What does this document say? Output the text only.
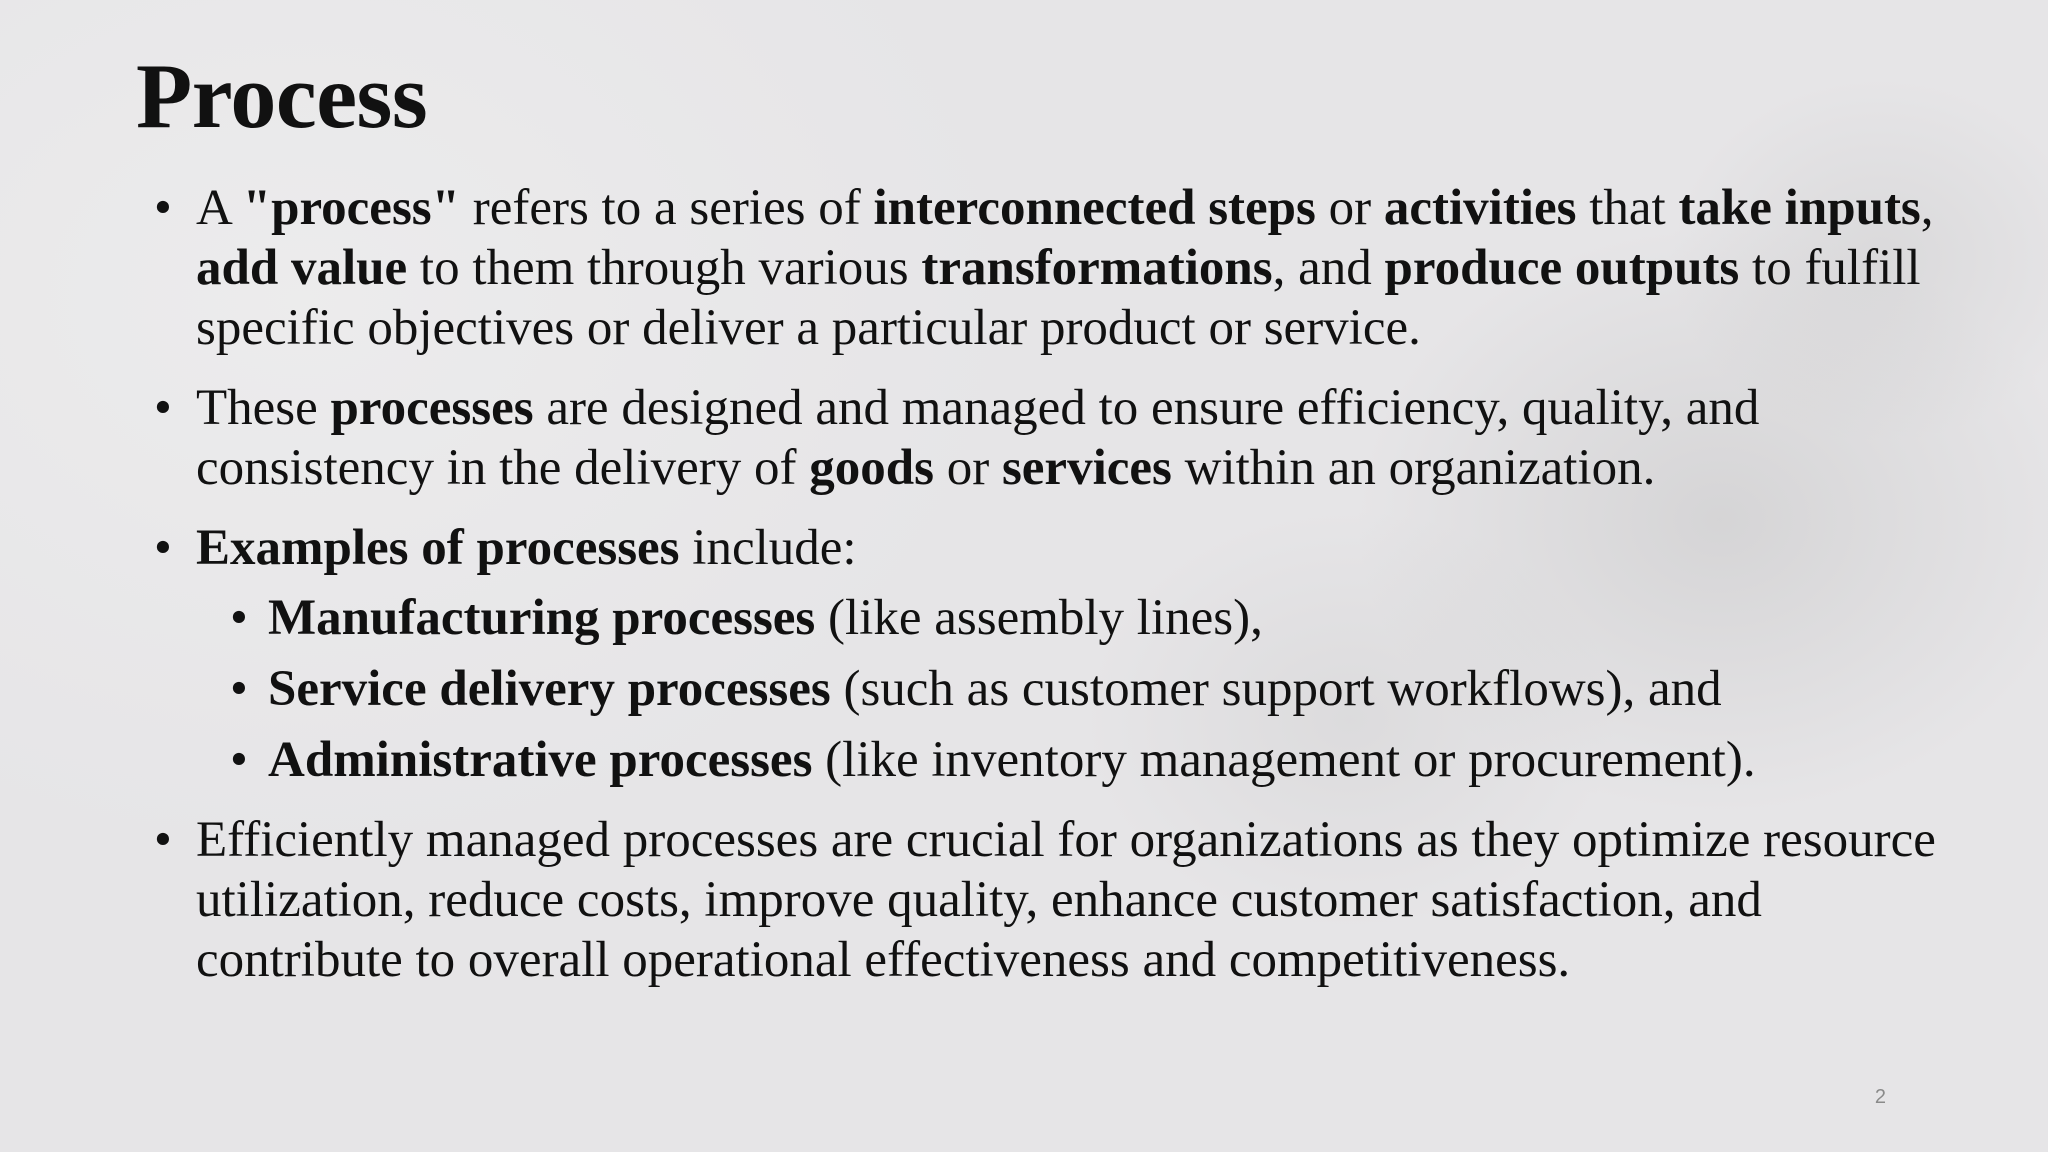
Process

• A "process" refers to a series of interconnected steps or activities that take inputs, add value to them through various transformations, and produce outputs to fulfill specific objectives or deliver a particular product or service.

• These processes are designed and managed to ensure efficiency, quality, and consistency in the delivery of goods or services within an organization.

• Examples of processes include:

• Manufacturing processes (like assembly lines),

• Service delivery processes (such as customer support workflows), and

• Administrative processes (like inventory management or procurement).

• Efficiently managed processes are crucial for organizations as they optimize resource utilization, reduce costs, improve quality, enhance customer satisfaction, and contribute to overall operational effectiveness and competitiveness.

2
